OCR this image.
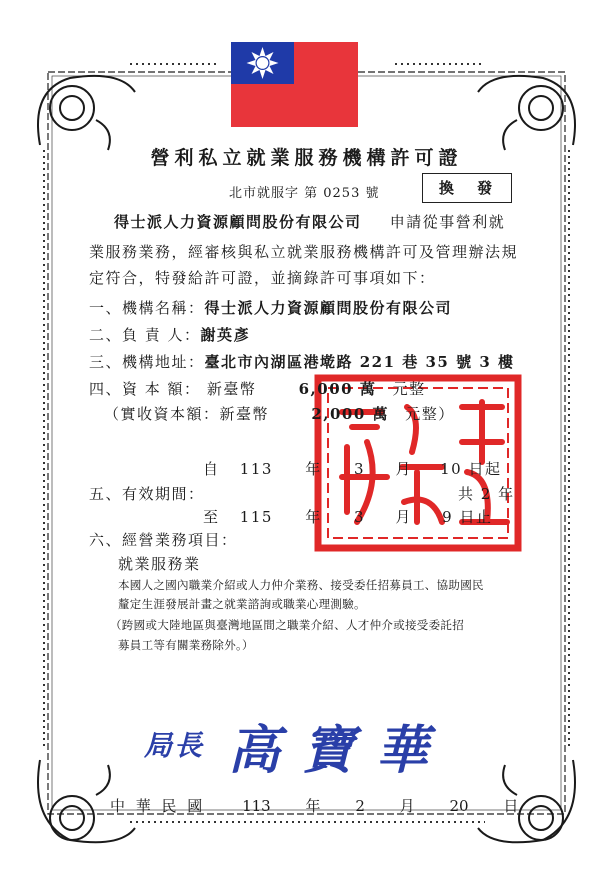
營利私立就業服務機構許可證
北市就服字 第 0253 號	換 發
得士派人力資源顧問股份有限公司 申請從事營利就
業服務業務，經審核與私立就業服務機構許可及管理辦法規
定符合，特發給許可證，並摘錄許可事項如下：
一、機構名稱：得士派人力資源顧問股份有限公司
二、負 責 人：謝英彥
三、機構地址：臺北市內湖區港墘路 221 巷 35 號 3 樓
四、資 本 額： 新臺幣	6,000 萬 元整
（實收資本額：新臺幣	2,000 萬 元整）
自 113 年 3 月 10 日起
五、有效期間：	共 2 年
至 115 年 3 月 9 日止
六、經營業務項目：
就業服務業
本國人之國內職業介紹或人力仲介業務、接受委任招募員工、協助國民
釐定生涯發展計畫之就業諮詢或職業心理測驗。
（跨國或大陸地區與臺灣地區間之職業介紹、人才仲介或接受委託招
募員工等有關業務除外。）
局長 高寶華
中 華 民 國 113 年 2 月 20 日
